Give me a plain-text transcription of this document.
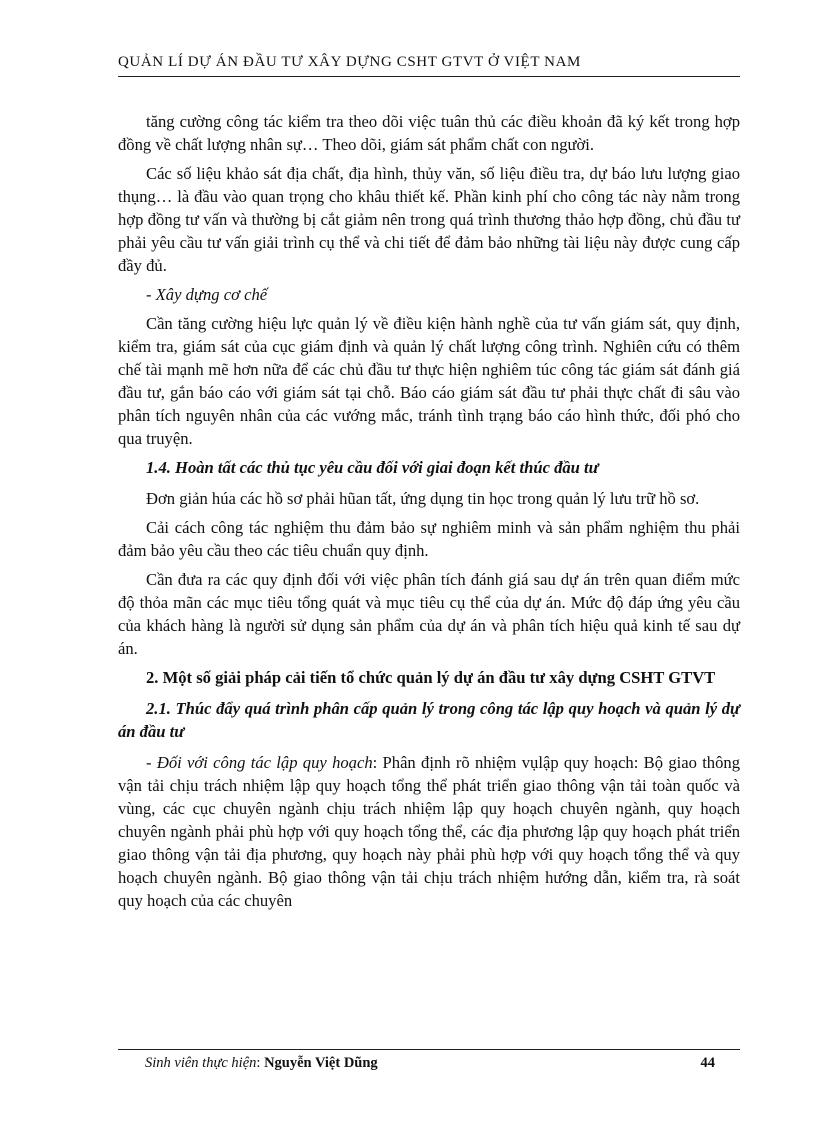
QUẢN LÍ DỰ ÁN ĐẦU TƯ XÂY DỰNG CSHT GTVT Ở VIỆT NAM

tăng cường công tác kiểm tra theo dõi việc tuân thủ các điều khoản đã ký kết trong hợp đồng về chất lượng nhân sự… Theo dõi, giám sát phẩm chất con người.

Các số liệu khảo sát địa chất, địa hình, thủy văn, số liệu điều tra, dự báo lưu lượng giao thụng… là đầu vào quan trọng cho khâu thiết kế. Phần kinh phí cho công tác này nằm trong hợp đồng tư vấn và thường bị cắt giảm nên trong quá trình thương thảo hợp đồng, chủ đầu tư phải yêu cầu tư vấn giải trình cụ thể và chi tiết để đảm bảo những tài liệu này được cung cấp đầy đủ.

- Xây dựng cơ chế

Cần tăng cường hiệu lực quản lý về điều kiện hành nghề của tư vấn giám sát, quy định, kiểm tra, giám sát của cục giám định và quản lý chất lượng công trình. Nghiên cứu có thêm chế tài mạnh mẽ hơn nữa để các chủ đầu tư thực hiện nghiêm túc công tác giám sát đánh giá đầu tư, gắn báo cáo với giám sát tại chỗ. Báo cáo giám sát đầu tư phải thực chất đi sâu vào phân tích nguyên nhân của các vướng mắc, tránh tình trạng báo cáo hình thức, đối phó cho qua truyện.

1.4. Hoàn tất các thủ tục yêu cầu đối với giai đoạn kết thúc đầu tư

Đơn giản húa các hồ sơ phải hũan tất, ứng dụng tin học trong quản lý lưu trữ hồ sơ.

Cải cách công tác nghiệm thu đảm bảo sự nghiêm minh và sản phẩm nghiệm thu phải đảm bảo yêu cầu theo các tiêu chuẩn quy định.

Cần đưa ra các quy định đối với việc phân tích đánh giá sau dự án trên quan điểm mức độ thỏa mãn các mục tiêu tổng quát và mục tiêu cụ thể của dự án. Mức độ đáp ứng yêu cầu của khách hàng là người sử dụng sản phẩm của dự án và phân tích hiệu quả kinh tế sau dự án.

2. Một số giải pháp cải tiến tổ chức quản lý dự án đầu tư xây dựng CSHT GTVT

2.1. Thúc đẩy quá trình phân cấp quản lý trong công tác lập quy hoạch và quản lý dự án đầu tư

- Đối với công tác lập quy hoạch: Phân định rõ nhiệm vụlập quy hoạch: Bộ giao thông vận tải chịu trách nhiệm lập quy hoạch tổng thể phát triển giao thông vận tải toàn quốc và vùng, các cục chuyên ngành chịu trách nhiệm lập quy hoạch chuyên ngành, quy hoạch chuyên ngành phải phù hợp với quy hoạch tổng thể, các địa phương lập quy hoạch phát triển giao thông vận tải địa phương, quy hoạch này phải phù hợp với quy hoạch tổng thể và quy hoạch chuyên ngành. Bộ giao thông vận tải chịu trách nhiệm hướng dẫn, kiểm tra, rà soát quy hoạch của các chuyên

Sinh viên thực hiện: Nguyễn Việt Dũng	44
